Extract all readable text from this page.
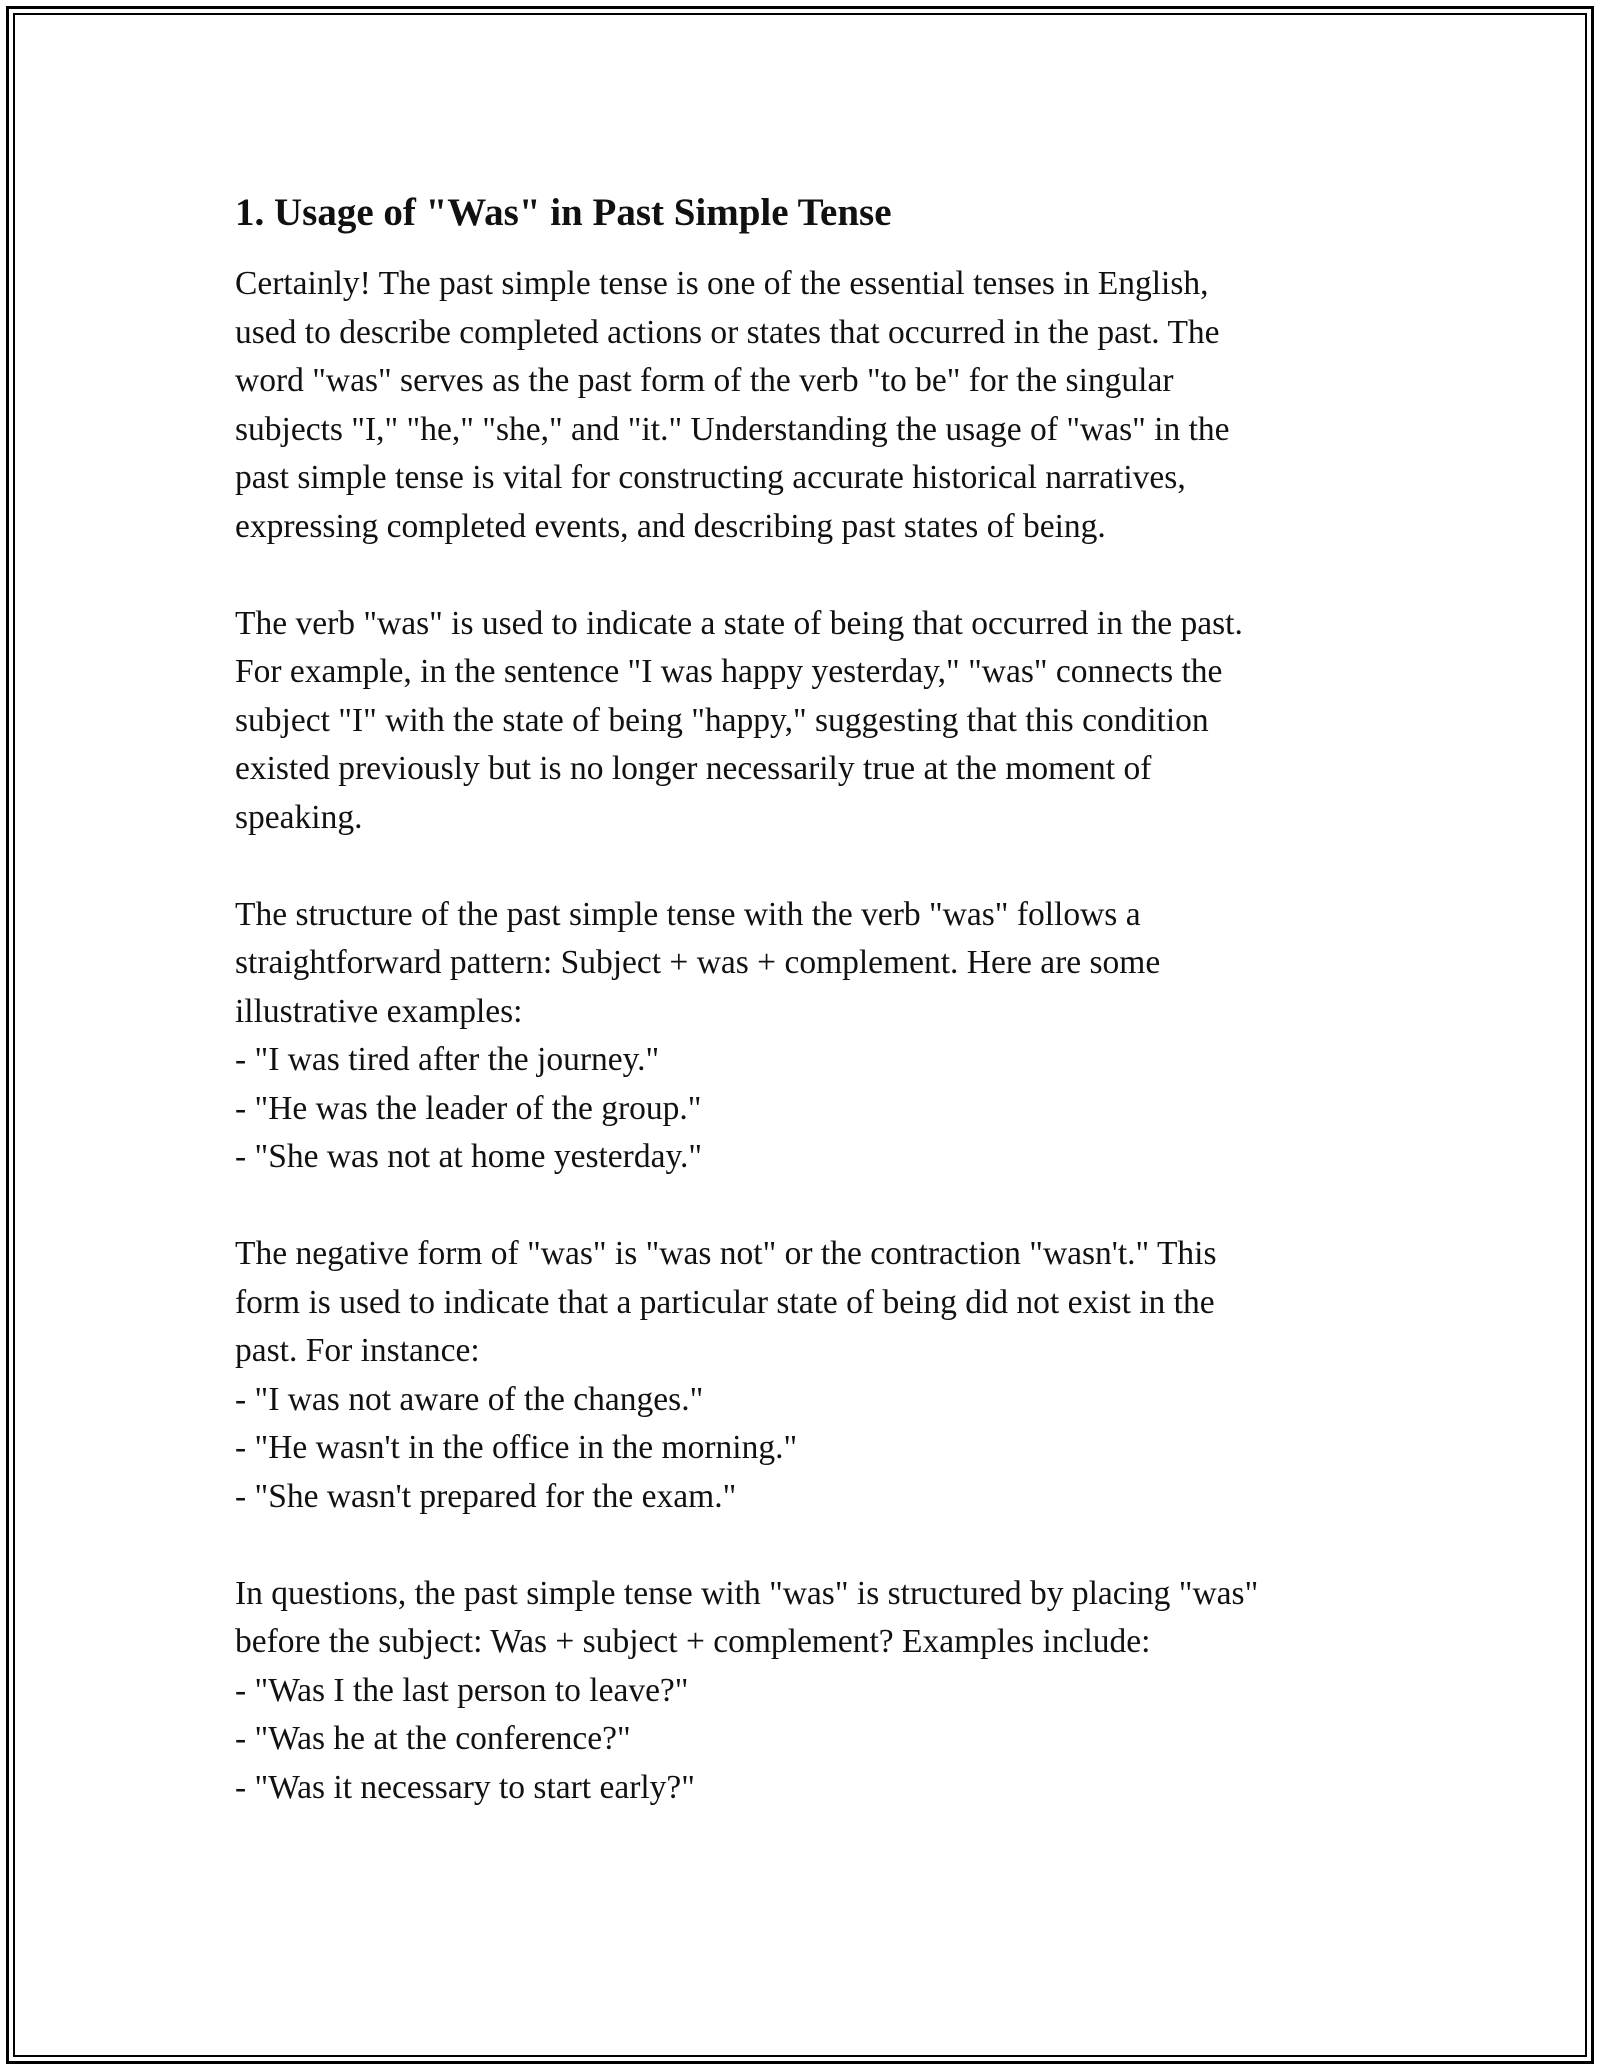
1. Usage of "Was" in Past Simple Tense
Certainly! The past simple tense is one of the essential tenses in English,
used to describe completed actions or states that occurred in the past. The
word "was" serves as the past form of the verb "to be" for the singular
subjects "I," "he," "she," and "it." Understanding the usage of "was" in the
past simple tense is vital for constructing accurate historical narratives,
expressing completed events, and describing past states of being.
The verb "was" is used to indicate a state of being that occurred in the past.
For example, in the sentence "I was happy yesterday," "was" connects the
subject "I" with the state of being "happy," suggesting that this condition
existed previously but is no longer necessarily true at the moment of
speaking.
The structure of the past simple tense with the verb "was" follows a
straightforward pattern: Subject + was + complement. Here are some
illustrative examples:
- "I was tired after the journey."
- "He was the leader of the group."
- "She was not at home yesterday."
The negative form of "was" is "was not" or the contraction "wasn't." This
form is used to indicate that a particular state of being did not exist in the
past. For instance:
- "I was not aware of the changes."
- "He wasn't in the office in the morning."
- "She wasn't prepared for the exam."
In questions, the past simple tense with "was" is structured by placing "was"
before the subject: Was + subject + complement? Examples include:
- "Was I the last person to leave?"
- "Was he at the conference?"
- "Was it necessary to start early?"
